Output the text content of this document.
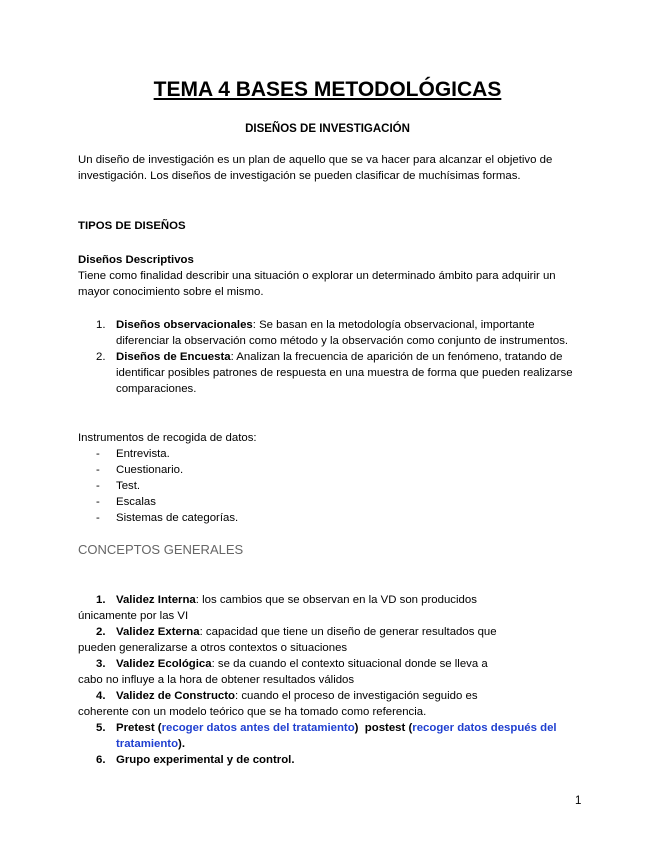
TEMA 4 BASES METODOLÓGICAS
DISEÑOS DE INVESTIGACIÓN
Un diseño de investigación es un plan de aquello que se va hacer para alcanzar el objetivo de investigación. Los diseños de investigación se pueden clasificar de muchísimas formas.
TIPOS DE DISEÑOS
Diseños Descriptivos
Tiene como finalidad describir una situación o explorar un determinado ámbito para adquirir un mayor conocimiento sobre el mismo.
1. Diseños observacionales: Se basan en la metodología observacional, importante diferenciar la observación como método y la observación como conjunto de instrumentos.
2. Diseños de Encuesta: Analizan la frecuencia de aparición de un fenómeno, tratando de identificar posibles patrones de respuesta en una muestra de forma que pueden realizarse comparaciones.
Instrumentos de recogida de datos:
- Entrevista.
- Cuestionario.
- Test.
- Escalas
- Sistemas de categorías.
CONCEPTOS GENERALES
1. Validez Interna: los cambios que se observan en la VD son producidos
únicamente por las VI
2. Validez Externa: capacidad que tiene un diseño de generar resultados que
pueden generalizarse a otros contextos o situaciones
3. Validez Ecológica: se da cuando el contexto situacional donde se lleva a
cabo no influye a la hora de obtener resultados válidos
4. Validez de Constructo: cuando el proceso de investigación seguido es
coherente con un modelo teórico que se ha tomado como referencia.
5. Pretest (recoger datos antes del tratamiento)  postest (recoger datos después del tratamiento).
6. Grupo experimental y de control.
1
